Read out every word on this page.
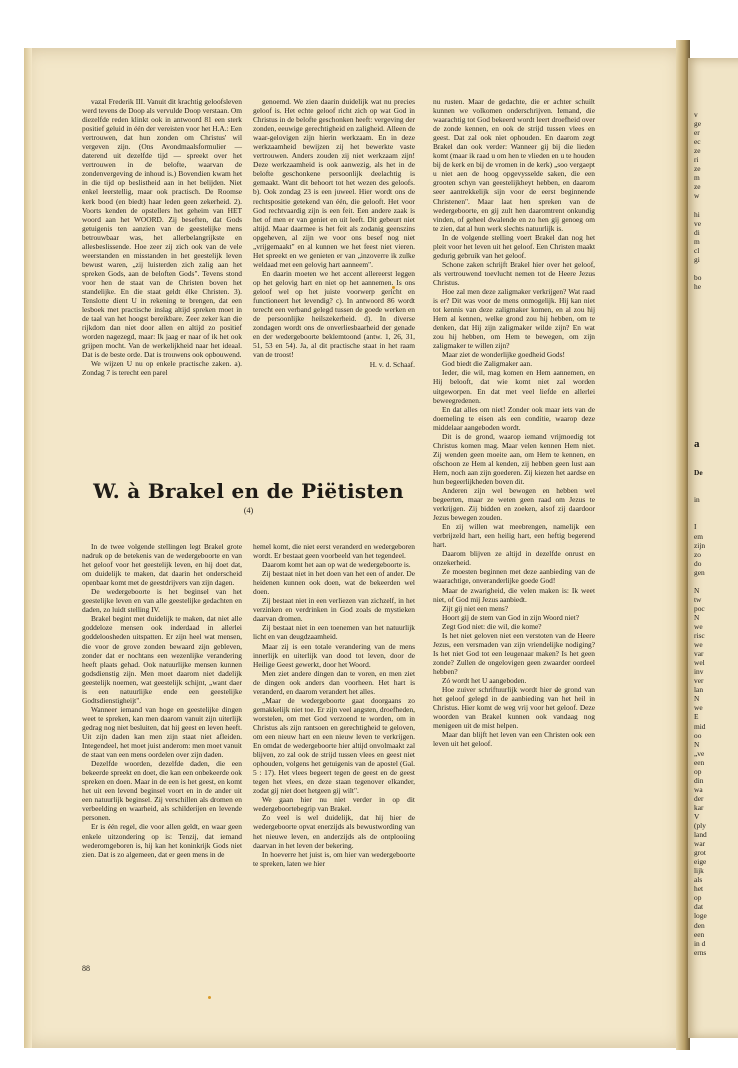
vazal Frederik III. Vanuit dit krachtig geloofsleven werd tevens de Doop als vervulde Doop verstaan. Om diezelfde reden klinkt ook in antwoord 81 een sterk positief geluid in één der vereisten voor het H.A.: Een vertrouwen, dat hun zonden om Christus' wil vergeven zijn. (Ons Avondmaalsformulier — daterend uit dezelfde tijd — spreekt over het vertrouwen in de belofte, waarvan de zondenvergeving de inhoud is.) Bovendien kwam het in die tijd op beslistheid aan in het belijden. Niet enkel leerstellig, maar ook practisch. De Roomse kerk bood (en biedt) haar leden geen zekerheid. 2). Voorts kenden de opstellers het geheim van HET woord aan het WOORD. Zij beseften, dat Gods getuigenis ten aanzien van de geestelijke mens betrouwbaar was, het allerbelangrijkste en allesbeslissende. Hoe zeer zij zich ook van de vele weerstanden en misstanden in het geestelijk leven bewust waren, „zij luisterden zich zalig aan het spreken Gods, aan de beloften Gods". Tevens stond voor hen de staat van de Christen boven het standelijke. En die staat geldt élke Christen. 3). Tenslotte dient U in rekening te brengen, dat een lesboek met practische inslag altijd spreken moet in de taal van het hoogst bereikbare. Zeer zeker kan die rijkdom dan niet door allen en altijd zo positief worden nagezegd, maar: Ik jaag er naar of ik het ook grijpen mocht. Van de werkelijkheid naar het ideaal. Dat is de beste orde. Dat is trouwens ook opbouwend.

We wijzen U nu op enkele practische zaken. a). Zondag 7 is terecht een parel

genoemd. We zien daarin duidelijk wat nu precies geloof is. Het echte geloof richt zich op wat God in Christus in de belofte geschonken heeft: vergeving der zonden, eeuwige gerechtigheid en zaligheid. Alleen de waar-gelovigen zijn hierin werkzaam. En in deze werkzaamheid bewijzen zij het bewerkte vaste vertrouwen. Anders zouden zij niet werkzaam zijn! Deze werkzaamheid is ook aanwezig, als het in de belofte geschonkene persoonlijk deelachtig is gemaakt. Want dit behoort tot het wezen des geloofs. b). Ook zondag 23 is een juweel. Hier wordt ons de rechtspositie getekend van één, die gelooft. Het voor God rechtvaardig zijn is een feit. Een andere zaak is het of men er van geniet en uit leeft. Dit gebeurt niet altijd. Maar daarmee is het feit als zodanig geenszins opgeheven, al zijn we voor ons besef nog niet „vrijgemaakt" en al kunnen we het feest niet vieren. Het spreekt en we genieten er van „inzoverre ik zulke weldaad met een gelovig hart aanneem".

En daarin moeten we het accent allereerst leggen op het gelovig hart en niet op het aannemen. Is ons geloof wel op het juiste voorwerp gericht en functioneert het levendig? c). In antwoord 86 wordt terecht een verband gelegd tussen de goede werken en de persoonlijke heilszekerheid. d). In diverse zondagen wordt ons de onverliesbaarheid der genade en der wedergeboorte beklemtoond (antw. 1, 26, 31, 51, 53 en 54). Ja, al dit practische staat in het raam van de troost!

H. v. d. Schaaf.

nu rusten. Maar de gedachte, die er achter schuilt kunnen we volkomen onderschrijven. Iemand, die waarachtig tot God bekeerd wordt leert droefheid over de zonde kennen, en ook de strijd tussen vlees en geest. Dat zal ook niet ophouden. En daarom zegt Brakel dan ook verder: Wanneer gij bij die lieden komt (maar ik raad u om hen te vlieden en u te houden bij de kerk en bij de vromen in de kerk) „soo vergaept u niet aen de hoog opgevysselde saken, die een grooten schyn van geestelijkheyt hebben, en daarom seer aantrekkelijk sijn voor de eerst beginnende Christenen". Maar laat hen spreken van de wedergeboorte, en gij zult hen daaromtrent onkundig vinden, of geheel dwalende en zo hen gij genoeg om te zien, dat al hun werk slechts natuurlijk is.

In de volgende stelling voert Brakel dan nog het pleit voor het leven uit het geloof. Een Christen maakt gedurig gebruik van het geloof.

Schone zaken schrijft Brakel hier over het geloof, als vertrouwend toevlucht nemen tot de Heere Jezus Christus.

Hoe zal men deze zaligmaker verkrijgen? Wat raad is er? Dit was voor de mens onmogelijk. Hij kan niet tot kennis van deze zaligmaker komen, en al zou hij Hem al kennen, welke grond zou hij hebben, om te denken, dat Hij zijn zaligmaker wilde zijn? En wat zou hij hebben, om Hem te bewegen, om zijn zaligmaker te willen zijn?

Maar ziet de wonderlijke goedheid Gods!

God biedt die Zaligmaker aan.

Ieder, die wil, mag komen en Hem aannemen, en Hij belooft, dat wie komt niet zal worden uitgeworpen. En dat met veel liefde en allerlei beweegredenen.

En dat alles om niet! Zonder ook maar iets van de doemeling te eisen als een conditie, waarop deze middelaar aangeboden wordt.

Dit is de grond, waarop iemand vrijmoedig tot Christus komen mag. Maar velen kennen Hem niet. Zij wenden geen moeite aan, om Hem te kennen, en ofschoon ze Hem al kenden, zij hebben geen lust aan Hem, noch aan zijn goederen. Zij kiezen het aardse en hun begeerlijkheden boven dit.

Anderen zijn wel bewogen en hebben wel begeerten, maar ze weten geen raad om Jezus te verkrijgen. Zij bidden en zoeken, alsof zij daardoor Jezus bewegen zouden.

En zij willen wat meebrengen, namelijk een verbrijzeld hart, een heilig hart, een heftig begerend hart.

Daarom blijven ze altijd in dezelfde onrust en onzekerheid.

Ze moesten beginnen met deze aanbieding van de waarachtige, onveranderlijke goede God!

Maar de zwarigheid, die velen maken is: Ik weet niet, of God mij Jezus aanbiedt.

Zijt gij niet een mens?

Hoort gij de stem van God in zijn Woord niet?

Zegt God niet: die wil, die kome?

Is het niet geloven niet een verstoten van de Heere Jezus, een versmaden van zijn vriendelijke nodiging? Is het niet God tot een leugenaar maken? Is het geen zonde? Zullen de ongelovigen geen zwaarder oordeel hebben?

Zó wordt het U aangeboden.

Hoe zuiver schriftuurlijk wordt hier de grond van het geloof gelegd in de aanbieding van het heil in Christus. Hier komt de weg vrij voor het geloof. Deze woorden van Brakel kunnen ook vandaag nog menigeen uit de mist helpen.

Maar dan blijft het leven van een Christen ook een leven uit het geloof.

W. à Brakel en de Piëtisten
(4)

In de twee volgende stellingen legt Brakel grote nadruk op de betekenis van de wedergeboorte en van het geloof voor het geestelijk leven, en hij doet dat, om duidelijk te maken, dat daarin het onderscheid openbaar komt met de geestdrijvers van zijn dagen.

De wedergeboorte is het beginsel van het geestelijke leven en van alle geestelijke gedachten en daden, zo luidt stelling IV.

Brakel begint met duidelijk te maken, dat niet alle goddeloze mensen ook inderdaad in allerlei goddeloosheden uitspatten. Er zijn heel wat mensen, die voor de grove zonden bewaard zijn gebleven, zonder dat er nochtans een wezenlijke verandering heeft plaats gehad. Ook natuurlijke mensen kunnen godsdienstig zijn. Men moet daarom niet dadelijk geestelijk noemen, wat geestelijk schijnt, „want daer is een natuurlijke ende een geestelijke Godtsdienstigheijt".

Wanneer iemand van hoge en geestelijke dingen weet te spreken, kan men daarom vanuit zijn uiterlijk gedrag nog niet besluiten, dat hij geest en leven heeft. Uit zijn daden kan men zijn staat niet afleiden. Integendeel, het moet juist anderom: men moet vanuit de staat van een mens oordelen over zijn daden.

Dezelfde woorden, dezelfde daden, die een bekeerde spreekt en doet, die kan een onbekeerde ook spreken en doen. Maar in de een is het geest, en komt het uit een levend beginsel voort en in de ander uit een natuurlijk beginsel. Zij verschillen als dromen en verbeelding en waarheid, als schilderijen en levende personen.

Er is één regel, die voor allen geldt, en waar geen enkele uitzondering op is: Tenzij, dat iemand wederomgeboren is, hij kan het koninkrijk Gods niet zien. Dat is zo algemeen, dat er geen mens in de

hemel komt, die niet eerst veranderd en wedergeboren wordt. Er bestaat geen voorbeeld van het tegendeel.

Daarom komt het aan op wat de wedergeboorte is.

Zij bestaat niet in het doen van het een of ander. De heidenen kunnen ook doen, wat de bekeerden wel doen.

Zij bestaat niet in een verliezen van zichzelf, in het verzinken en verdrinken in God zoals de mystieken daarvan dromen.

Zij bestaat niet in een toenemen van het natuurlijk licht en van deugdzaamheid.

Maar zij is een totale verandering van de mens innerlijk en uiterlijk van dood tot leven, door de Heilige Geest gewerkt, door het Woord.

Men ziet andere dingen dan te voren, en men ziet de dingen ook anders dan voorheen. Het hart is veranderd, en daarom verandert het alles.

„Maar de wedergeboorte gaat doorgaans zo gemakkelijk niet toe. Er zijn veel angsten, droefheden, worstelen, om met God verzoend te worden, om in Christus als zijn rantsoen en gerechtigheid te geloven, om een nieuw hart en een nieuw leven te verkrijgen. En omdat de wedergeboorte hier altijd onvolmaakt zal blijven, zo zal ook de strijd tussen vlees en geest niet ophouden, volgens het getuigenis van de apostel (Gal. 5 : 17). Het vlees begeert tegen de geest en de geest tegen het vlees, en deze staan tegenover elkander, zodat gij niet doet hetgeen gij wilt".

We gaan hier nu niet verder in op dit wedergeboortebegrip van Brakel.

Zo veel is wel duidelijk, dat hij hier de wedergeboorte opvat enerzijds als bewustwording van het nieuwe leven, en anderzijds als de ontplooiing daarvan in het leven der bekering.

In hoeverre het juist is, om hier van wedergeboorte te spreken, laten we hier

88
v
ge
er
ec
ze
ri
ze
m
ze
w

hi
ve
di
m
cl
gi

bo
he

a

De

in

I
em
zijn
zo
do
gen

N
tw
poc
N
we
risc
we
var
wel
inv
ver
lan
N
we
E
mid
oo
N
„ve
een
op
din
wa
der
kar
V
(ply
land
war
grot
eige
lijk
als
het
op
dat
loge
den
een
in d
erns
